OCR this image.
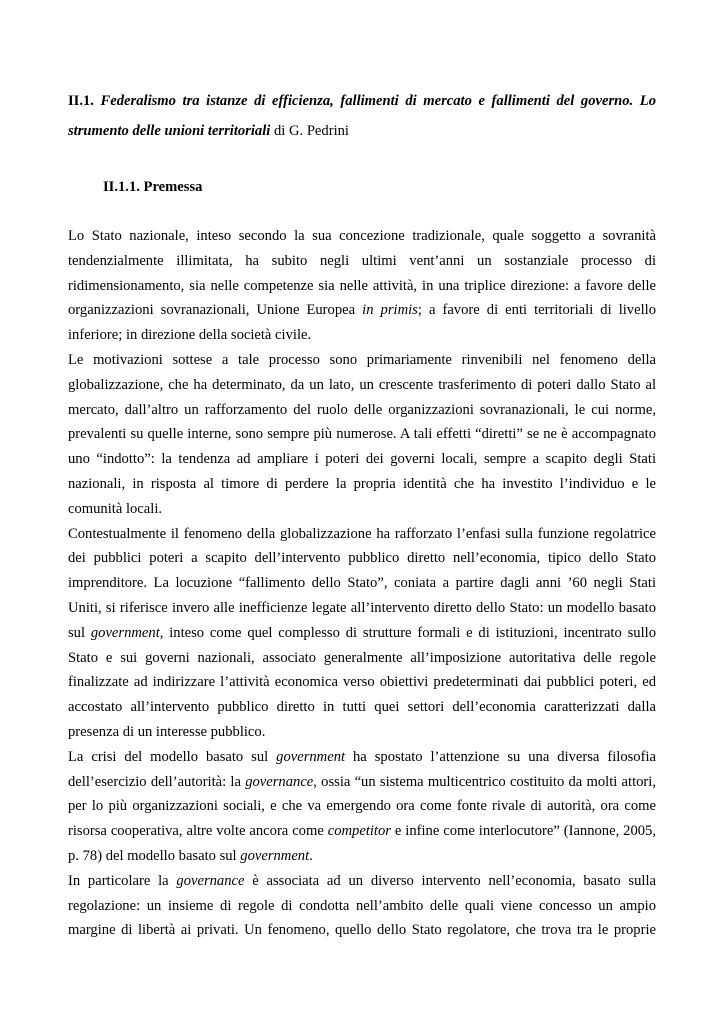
II.1. Federalismo tra istanze di efficienza, fallimenti di mercato e fallimenti del governo. Lo strumento delle unioni territoriali di G. Pedrini
II.1.1. Premessa

Lo Stato nazionale, inteso secondo la sua concezione tradizionale, quale soggetto a sovranità tendenzialmente illimitata, ha subito negli ultimi vent’anni un sostanziale processo di ridimensionamento, sia nelle competenze sia nelle attività, in una triplice direzione: a favore delle organizzazioni sovranazionali, Unione Europea in primis; a favore di enti territoriali di livello inferiore; in direzione della società civile.

Le motivazioni sottese a tale processo sono primariamente rinvenibili nel fenomeno della globalizzazione, che ha determinato, da un lato, un crescente trasferimento di poteri dallo Stato al mercato, dall’altro un rafforzamento del ruolo delle organizzazioni sovranazionali, le cui norme, prevalenti su quelle interne, sono sempre più numerose. A tali effetti “diretti” se ne è accompagnato uno “indotto”: la tendenza ad ampliare i poteri dei governi locali, sempre a scapito degli Stati nazionali, in risposta al timore di perdere la propria identità che ha investito l’individuo e le comunità locali.

Contestualmente il fenomeno della globalizzazione ha rafforzato l’enfasi sulla funzione regolatrice dei pubblici poteri a scapito dell’intervento pubblico diretto nell’economia, tipico dello Stato imprenditore. La locuzione “fallimento dello Stato”, coniata a partire dagli anni ’60 negli Stati Uniti, si riferisce invero alle inefficienze legate all’intervento diretto dello Stato: un modello basato sul government, inteso come quel complesso di strutture formali e di istituzioni, incentrato sullo Stato e sui governi nazionali, associato generalmente all’imposizione autoritativa delle regole finalizzate ad indirizzare l’attività economica verso obiettivi predeterminati dai pubblici poteri, ed accostato all’intervento pubblico diretto in tutti quei settori dell’economia caratterizzati dalla presenza di un interesse pubblico.

La crisi del modello basato sul government ha spostato l’attenzione su una diversa filosofia dell’esercizio dell’autorità: la governance, ossia “un sistema multicentrico costituito da molti attori, per lo più organizzazioni sociali, e che va emergendo ora come fonte rivale di autorità, ora come risorsa cooperativa, altre volte ancora come competitor e infine come interlocutore” (Iannone, 2005, p. 78) del modello basato sul government.

In particolare la governance è associata ad un diverso intervento nell’economia, basato sulla regolazione: un insieme di regole di condotta nell’ambito delle quali viene concesso un ampio margine di libertà ai privati. Un fenomeno, quello dello Stato regolatore, che trova tra le proprie
